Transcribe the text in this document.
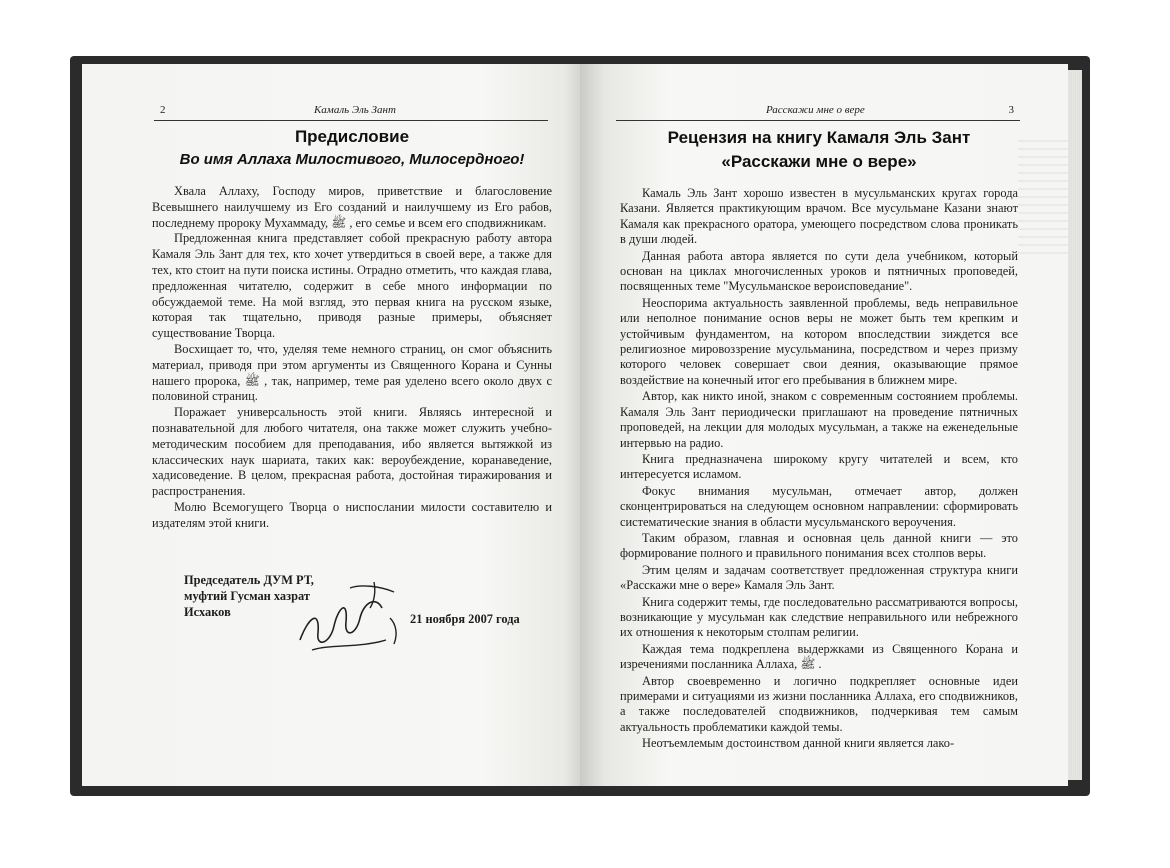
2	Камаль Эль Зант
Предисловие
Во имя Аллаха Милостивого, Милосердного!

Хвала Аллаху, Господу миров, приветствие и благословение Всевышнего наилучшему из Его созданий и наилучшему из Его рабов, последнему пророку Мухаммаду, ﷺ , его семье и всем его сподвижникам.

Предложенная книга представляет собой прекрасную работу автора Камаля Эль Зант для тех, кто хочет утвердиться в своей вере, а также для тех, кто стоит на пути поиска истины. Отрадно отметить, что каждая глава, предложенная читателю, содержит в себе много информации по обсуждаемой теме. На мой взгляд, это первая книга на русском языке, которая так тщательно, приводя разные примеры, объясняет существование Творца.

Восхищает то, что, уделяя теме немного страниц, он смог объяснить материал, приводя при этом аргументы из Священного Корана и Сунны нашего пророка, ﷺ , так, например, теме рая уделено всего около двух с половиной страниц.

Поражает универсальность этой книги. Являясь интересной и познавательной для любого читателя, она также может служить учебно-методическим пособием для преподавания, ибо является вытяжкой из классических наук шариата, таких как: вероубеждение, коранаведение, хадисоведение. В целом, прекрасная работа, достойная тиражирования и распространения.

Молю Всемогущего Творца о ниспослании милости составителю и издателям этой книги.

Председатель ДУМ РТ,
муфтий Гусман хазрат
Исхаков	21 ноября 2007 года
Расскажи мне о вере	3
Рецензия на книгу Камаля Эль Зант
«Расскажи мне о вере»

Камаль Эль Зант хорошо известен в мусульманских кругах города Казани. Является практикующим врачом. Все мусульмане Казани знают Камаля как прекрасного оратора, умеющего посредством слова проникать в души людей.

Данная работа автора является по сути дела учебником, который основан на циклах многочисленных уроков и пятничных проповедей, посвященных теме "Мусульманское вероисповедание".

Неоспорима актуальность заявленной проблемы, ведь неправильное или неполное понимание основ веры не может быть тем крепким и устойчивым фундаментом, на котором впоследствии зиждется все религиозное мировоззрение мусульманина, посредством и через призму которого человек совершает свои деяния, оказывающие прямое воздействие на конечный итог его пребывания в ближнем мире.

Автор, как никто иной, знаком с современным состоянием проблемы. Камаля Эль Зант периодически приглашают на проведение пятничных проповедей, на лекции для молодых мусульман, а также на еженедельные интервью на радио.

Книга предназначена широкому кругу читателей и всем, кто интересуется исламом.

Фокус внимания мусульман, отмечает автор, должен сконцентрироваться на следующем основном направлении: сформировать систематические знания в области мусульманского вероучения.

Таким образом, главная и основная цель данной книги — это формирование полного и правильного понимания всех столпов веры.

Этим целям и задачам соответствует предложенная структура книги «Расскажи мне о вере» Камаля Эль Зант.

Книга содержит темы, где последовательно рассматриваются вопросы, возникающие у мусульман как следствие неправильного или небрежного их отношения к некоторым столпам религии.

Каждая тема подкреплена выдержками из Священного Корана и изречениями посланника Аллаха, ﷺ .

Автор своевременно и логично подкрепляет основные идеи примерами и ситуациями из жизни посланника Аллаха, его сподвижников, а также последователей сподвижников, подчеркивая тем самым актуальность проблематики каждой темы.

Неотъемлемым достоинством данной книги является лако-
